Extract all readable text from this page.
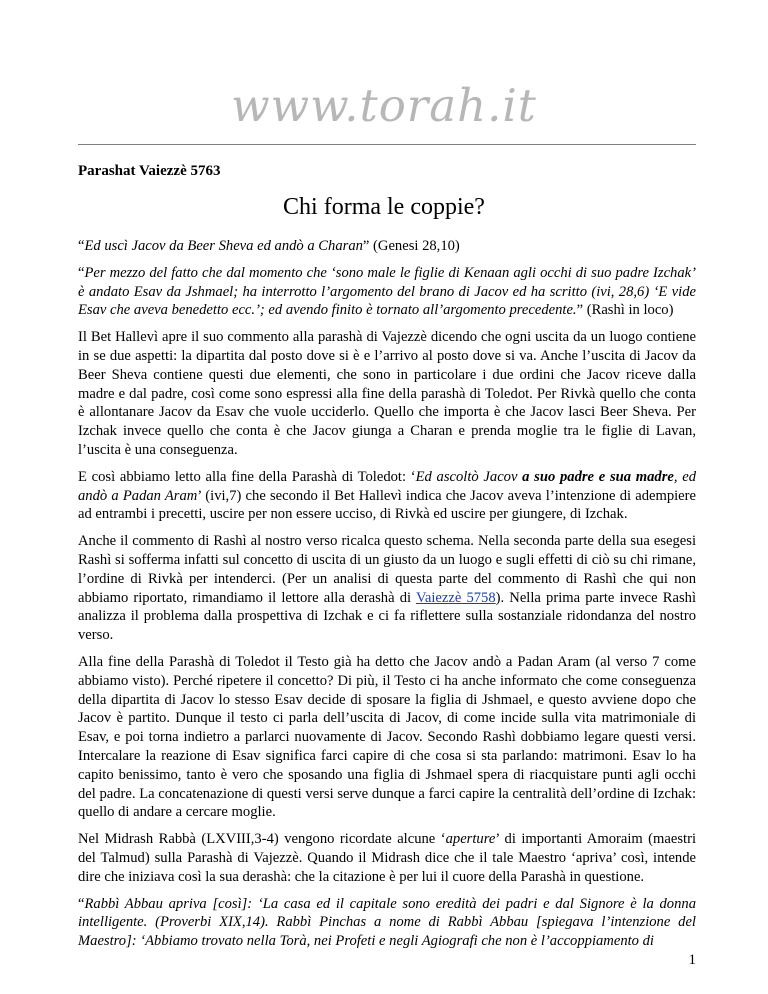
www.torah.it
Parashat Vaiezzè 5763
Chi forma le coppie?

“Ed uscì Jacov da Beer Sheva ed andò a Charan” (Genesi 28,10)

“Per mezzo del fatto che dal momento che ‘sono male le figlie di Kenaan agli occhi di suo padre Izchak’ è andato Esav da Jshmael; ha interrotto l’argomento del brano di Jacov ed ha scritto (ivi, 28,6) ‘E vide Esav che aveva benedetto ecc.’; ed avendo finito è tornato all’argomento precedente.” (Rashì in loco)

Il Bet Hallevì apre il suo commento alla parashà di Vajezzè dicendo che ogni uscita da un luogo contiene in se due aspetti: la dipartita dal posto dove si è e l’arrivo al posto dove si va. Anche l’uscita di Jacov da Beer Sheva contiene questi due elementi, che sono in particolare i due ordini che Jacov riceve dalla madre e dal padre, così come sono espressi alla fine della parashà di Toledot. Per Rivkà quello che conta è allontanare Jacov da Esav che vuole ucciderlo. Quello che importa è che Jacov lasci Beer Sheva. Per Izchak invece quello che conta è che Jacov giunga a Charan e prenda moglie tra le figlie di Lavan, l’uscita è una conseguenza.

E così abbiamo letto alla fine della Parashà di Toledot: ‘Ed ascoltò Jacov a suo padre e sua madre, ed andò a Padan Aram’ (ivi,7) che secondo il Bet Hallevì indica che Jacov aveva l’intenzione di adempiere ad entrambi i precetti, uscire per non essere ucciso, di Rivkà ed uscire per giungere, di Izchak.

Anche il commento di Rashì al nostro verso ricalca questo schema. Nella seconda parte della sua esegesi Rashì si sofferma infatti sul concetto di uscita di un giusto da un luogo e sugli effetti di ciò su chi rimane, l’ordine di Rivkà per intenderci. (Per un analisi di questa parte del commento di Rashì che qui non abbiamo riportato, rimandiamo il lettore alla derashà di Vaiezzè 5758). Nella prima parte invece Rashì analizza il problema dalla prospettiva di Izchak e ci fa riflettere sulla sostanziale ridondanza del nostro verso.

Alla fine della Parashà di Toledot il Testo già ha detto che Jacov andò a Padan Aram (al verso 7 come abbiamo visto). Perché ripetere il concetto? Di più, il Testo ci ha anche informato che come conseguenza della dipartita di Jacov lo stesso Esav decide di sposare la figlia di Jshmael, e questo avviene dopo che Jacov è partito. Dunque il testo ci parla dell’uscita di Jacov, di come incide sulla vita matrimoniale di Esav, e poi torna indietro a parlarci nuovamente di Jacov. Secondo Rashì dobbiamo legare questi versi. Intercalare la reazione di Esav significa farci capire di che cosa si sta parlando: matrimoni. Esav lo ha capito benissimo, tanto è vero che sposando una figlia di Jshmael spera di riacquistare punti agli occhi del padre. La concatenazione di questi versi serve dunque a farci capire la centralità dell’ordine di Izchak: quello di andare a cercare moglie.

Nel Midrash Rabbà (LXVIII,3-4) vengono ricordate alcune ‘aperture’ di importanti Amoraim (maestri del Talmud) sulla Parashà di Vajezzè. Quando il Midrash dice che il tale Maestro ‘apriva’ così, intende dire che iniziava così la sua derashà: che la citazione è per lui il cuore della Parashà in questione.

“Rabbì Abbau apriva [così]: ‘La casa ed il capitale sono eredità dei padri e dal Signore è la donna intelligente. (Proverbi XIX,14). Rabbì Pinchas a nome di Rabbì Abbau [spiegava l’intenzione del Maestro]: ‘Abbiamo trovato nella Torà, nei Profeti e negli Agiografi che non è l’accoppiamento di

1
